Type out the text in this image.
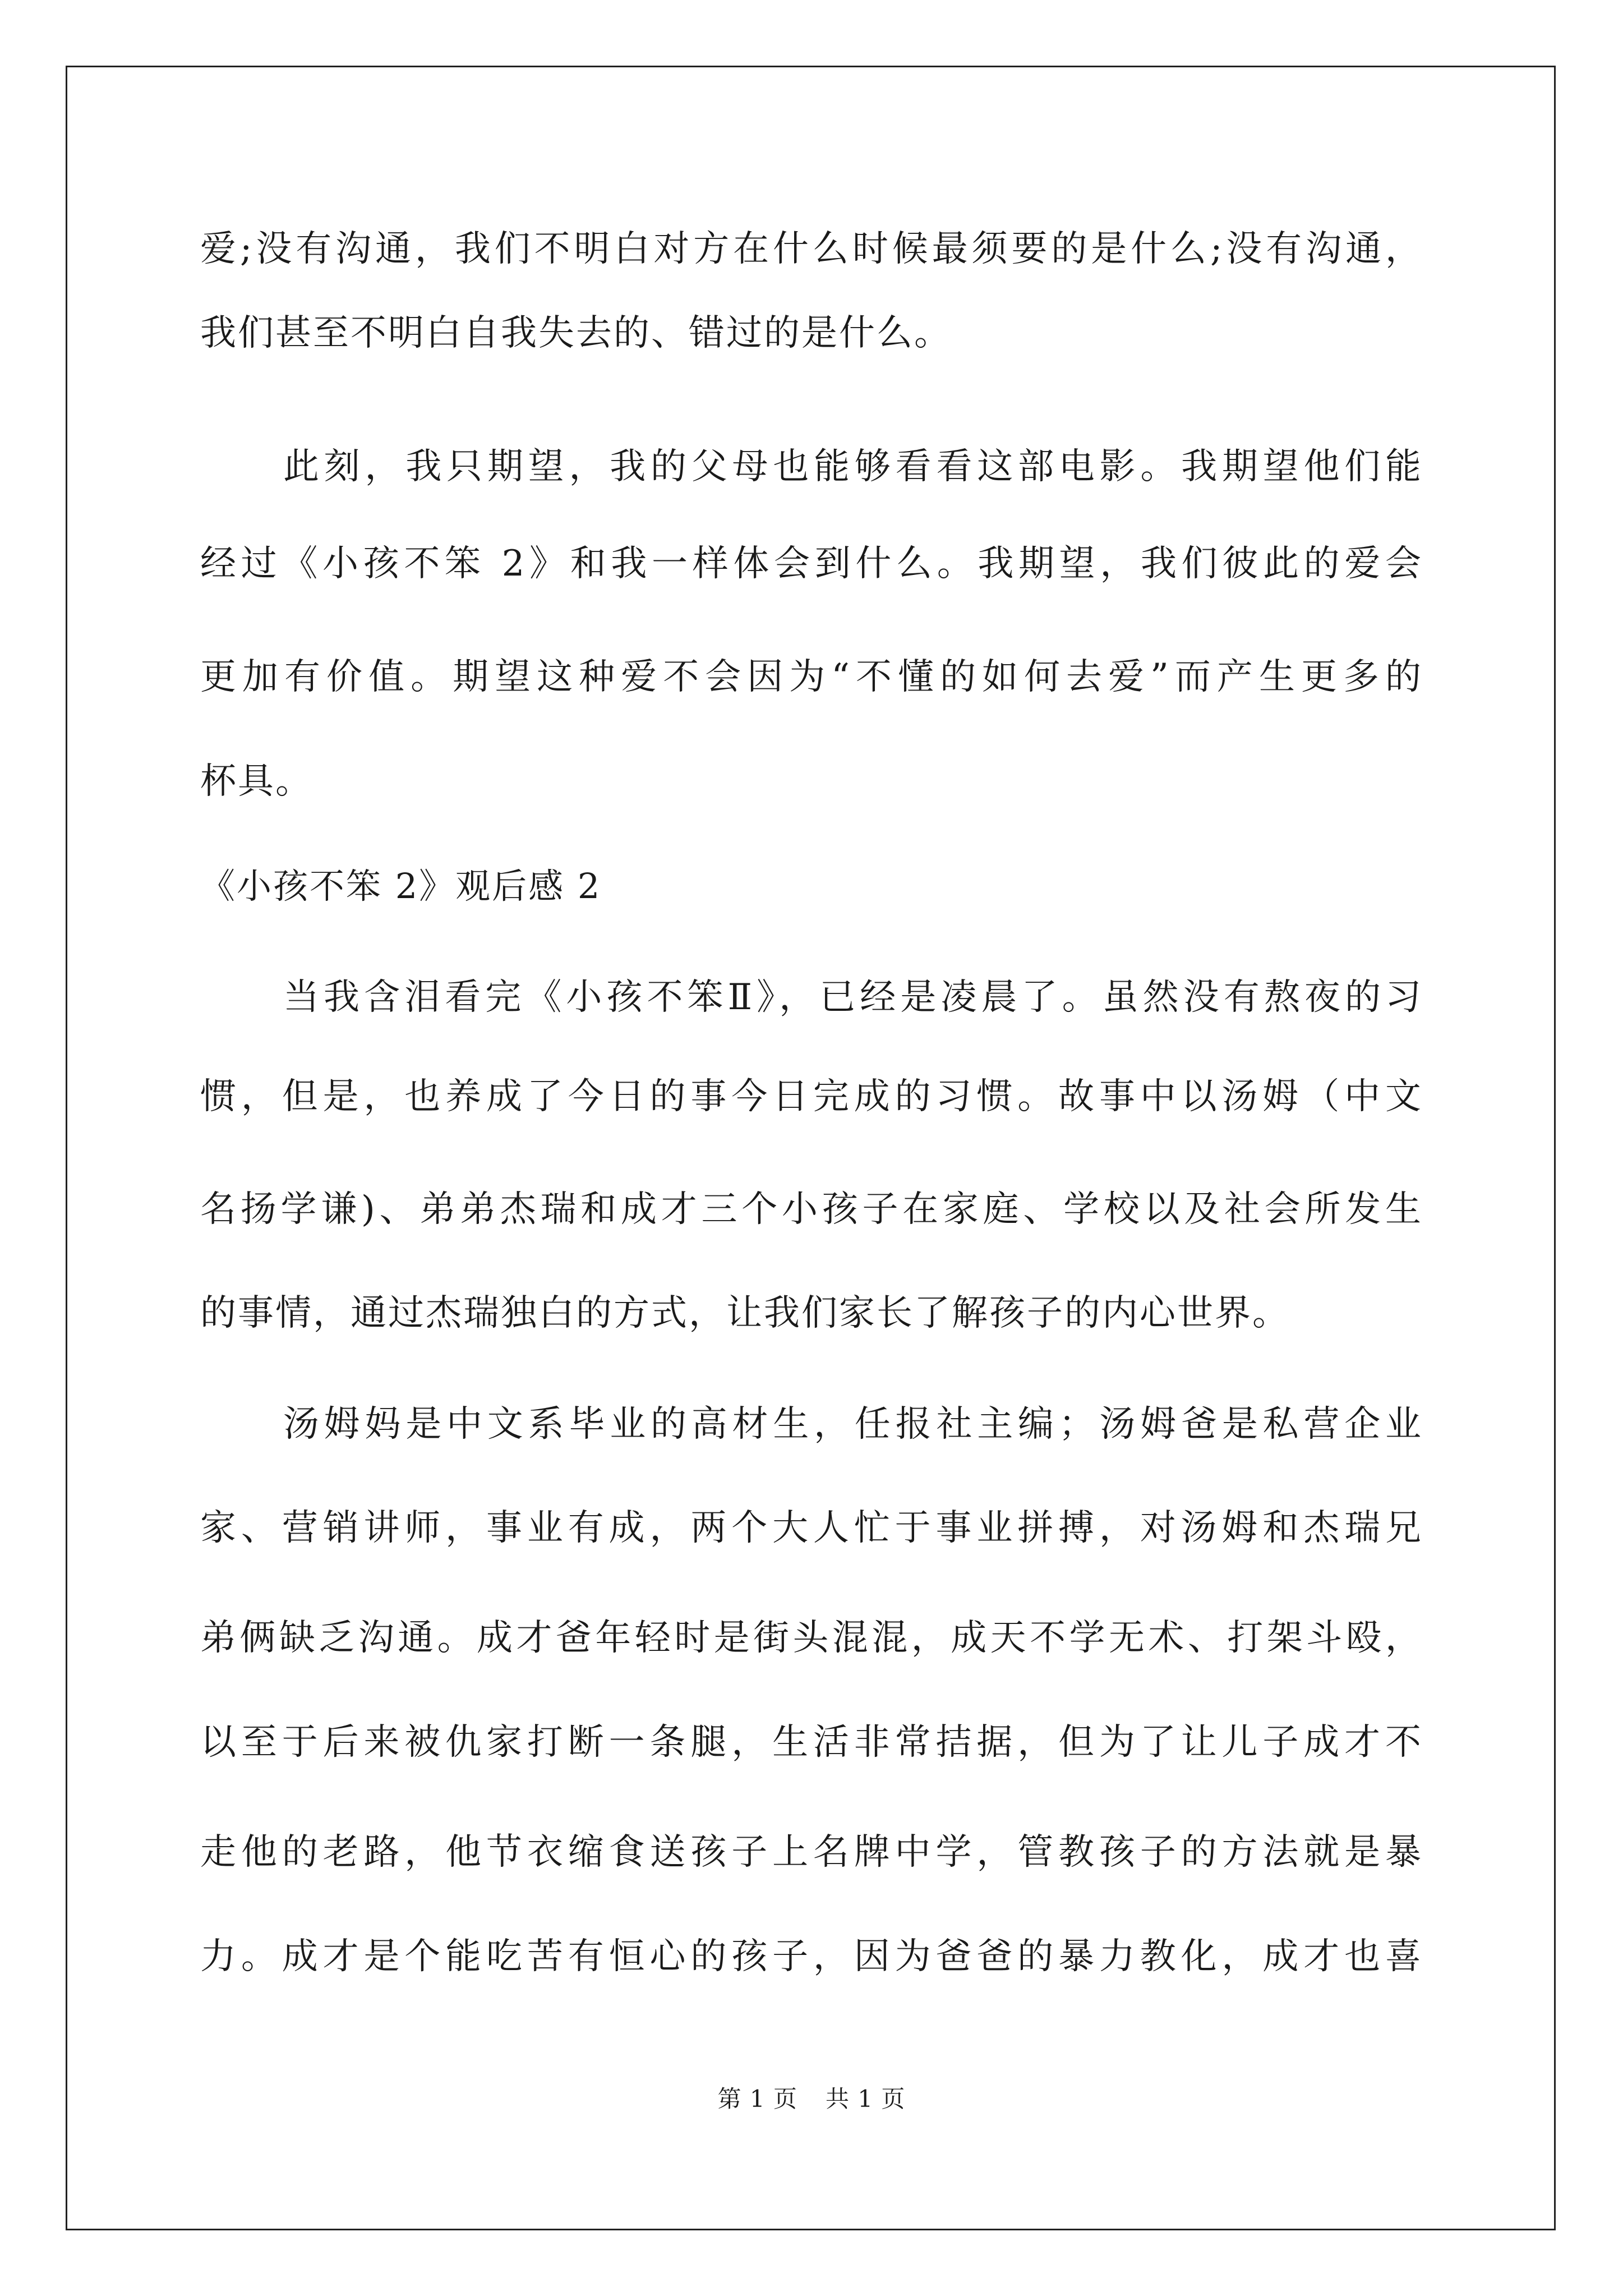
爱;没有沟通，我们不明白对方在什么时候最须要的是什么;没有沟通，
我们甚至不明白自我失去的、错过的是什么。
此刻，我只期望，我的父母也能够看看这部电影。我期望他们能
经过《小孩不笨 2》和我一样体会到什么。我期望，我们彼此的爱会
更加有价值。期望这种爱不会因为“不懂的如何去爱”而产生更多的
杯具。
《小孩不笨 2》观后感 2
当我含泪看完《小孩不笨Ⅱ》，已经是凌晨了。虽然没有熬夜的习
惯，但是，也养成了今日的事今日完成的习惯。故事中以汤姆（中文
名扬学谦)、弟弟杰瑞和成才三个小孩子在家庭、学校以及社会所发生
的事情，通过杰瑞独白的方式，让我们家长了解孩子的内心世界。
汤姆妈是中文系毕业的高材生，任报社主编；汤姆爸是私营企业
家、营销讲师，事业有成，两个大人忙于事业拼搏，对汤姆和杰瑞兄
弟俩缺乏沟通。成才爸年轻时是街头混混，成天不学无术、打架斗殴，
以至于后来被仇家打断一条腿，生活非常拮据，但为了让儿子成才不
走他的老路，他节衣缩食送孩子上名牌中学，管教孩子的方法就是暴
力。成才是个能吃苦有恒心的孩子，因为爸爸的暴力教化，成才也喜
第 1 页 共 1 页
